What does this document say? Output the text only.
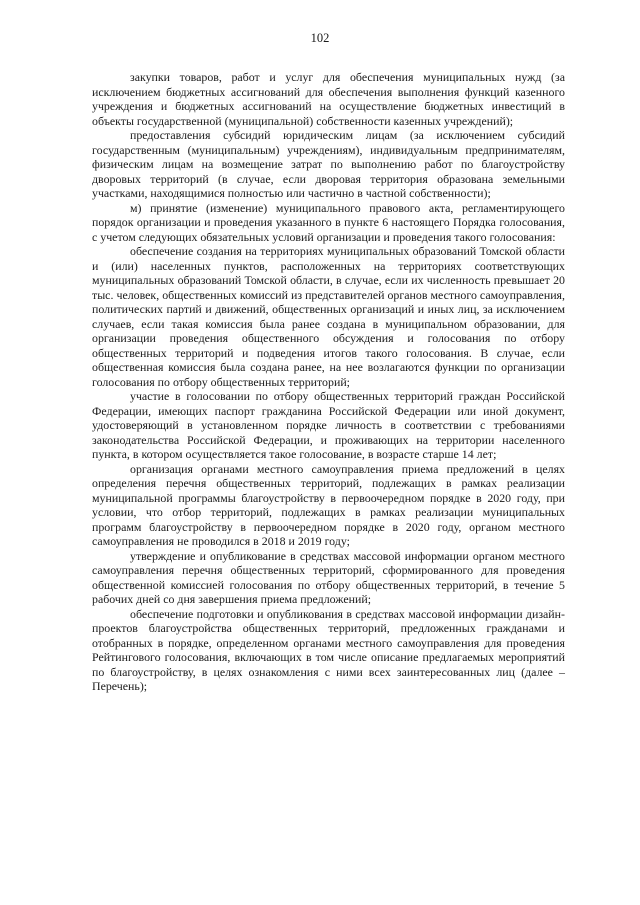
102

закупки товаров, работ и услуг для обеспечения муниципальных нужд (за исключением бюджетных ассигнований для обеспечения выполнения функций казенного учреждения и бюджетных ассигнований на осуществление бюджетных инвестиций в объекты государственной (муниципальной) собственности казенных учреждений);

предоставления субсидий юридическим лицам (за исключением субсидий государственным (муниципальным) учреждениям), индивидуальным предпринимателям, физическим лицам на возмещение затрат по выполнению работ по благоустройству дворовых территорий (в случае, если дворовая территория образована земельными участками, находящимися полностью или частично в частной собственности);

м) принятие (изменение) муниципального правового акта, регламентирующего порядок организации и проведения указанного в пункте 6 настоящего Порядка голосования, с учетом следующих обязательных условий организации и проведения такого голосования:

обеспечение создания на территориях муниципальных образований Томской области и (или) населенных пунктов, расположенных на территориях соответствующих муниципальных образований Томской области, в случае, если их численность превышает 20 тыс. человек, общественных комиссий из представителей органов местного самоуправления, политических партий и движений, общественных организаций и иных лиц, за исключением случаев, если такая комиссия была ранее создана в муниципальном образовании, для организации проведения общественного обсуждения и голосования по отбору общественных территорий и подведения итогов такого голосования. В случае, если общественная комиссия была создана ранее, на нее возлагаются функции по организации голосования по отбору общественных территорий;

участие в голосовании по отбору общественных территорий граждан Российской Федерации, имеющих паспорт гражданина Российской Федерации или иной документ, удостоверяющий в установленном порядке личность в соответствии с требованиями законодательства Российской Федерации, и проживающих на территории населенного пункта, в котором осуществляется такое голосование, в возрасте старше 14 лет;

организация органами местного самоуправления приема предложений в целях определения перечня общественных территорий, подлежащих в рамках реализации муниципальной программы благоустройству в первоочередном порядке в 2020 году, при условии, что отбор территорий, подлежащих в рамках реализации муниципальных программ благоустройству в первоочередном порядке в 2020 году, органом местного самоуправления не проводился в 2018 и 2019 году;

утверждение и опубликование в средствах массовой информации органом местного самоуправления перечня общественных территорий, сформированного для проведения общественной комиссией голосования по отбору общественных территорий, в течение 5 рабочих дней со дня завершения приема предложений;

обеспечение подготовки и опубликования в средствах массовой информации дизайн-проектов благоустройства общественных территорий, предложенных гражданами и отобранных в порядке, определенном органами местного самоуправления для проведения Рейтингового голосования, включающих в том числе описание предлагаемых мероприятий по благоустройству, в целях ознакомления с ними всех заинтересованных лиц (далее – Перечень);
